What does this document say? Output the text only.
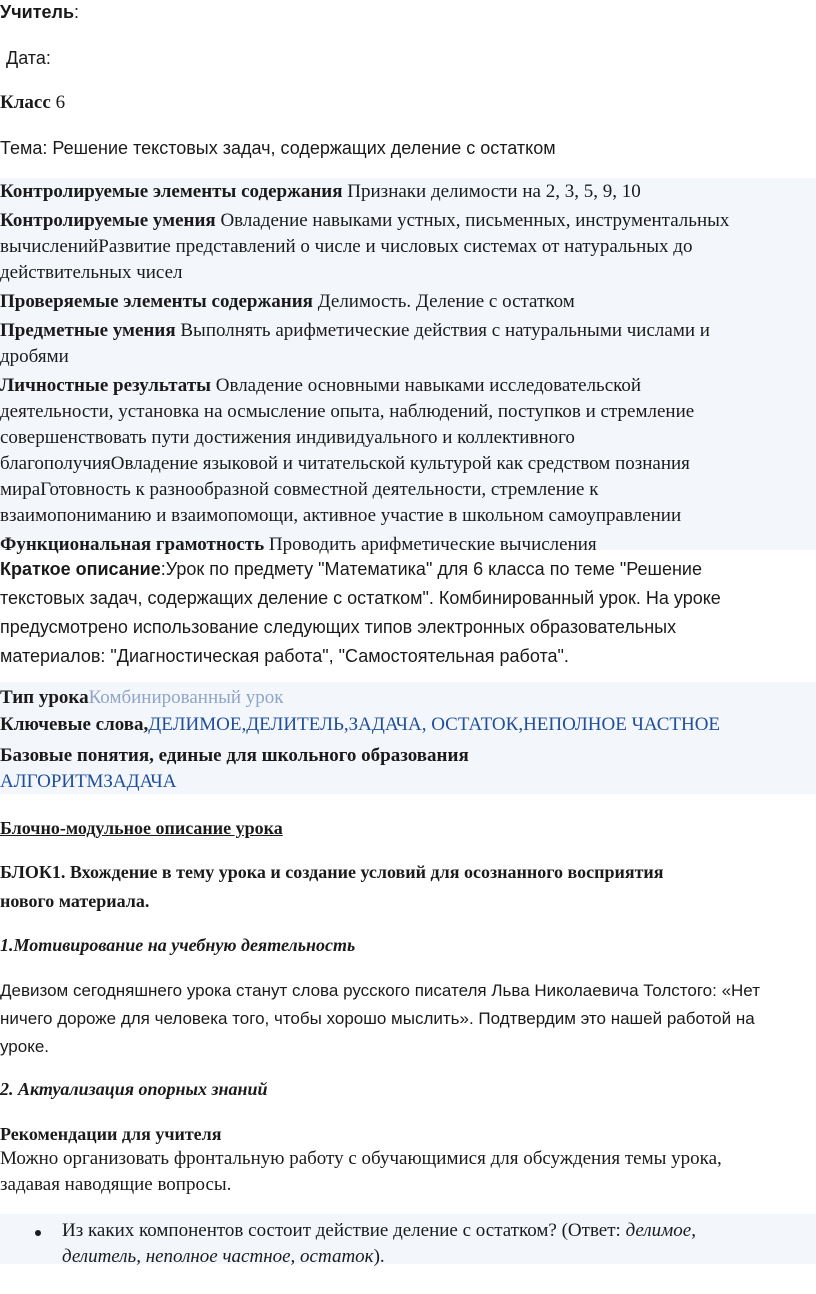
Учитель:
Дата:
Класс 6
Тема: Решение текстовых задач, содержащих деление с остатком
Контролируемые элементы содержания Признаки делимости на 2, 3, 5, 9, 10
Контролируемые умения Овладение навыками устных, письменных, инструментальных
вычисленийРазвитие представлений о числе и числовых системах от натуральных до
действительных чисел
Проверяемые элементы содержания Делимость. Деление с остатком
Предметные умения Выполнять арифметические действия с натуральными числами и
дробями
Личностные результаты Овладение основными навыками исследовательской
деятельности, установка на осмысление опыта, наблюдений, поступков и стремление
совершенствовать пути достижения индивидуального и коллективного
благополучияОвладение языковой и читательской культурой как средством познания
мираГотовность к разнообразной совместной деятельности, стремление к
взаимопониманию и взаимопомощи, активное участие в школьном самоуправлении
Функциональная грамотность Проводить арифметические вычисления
Краткое описание:Урок по предмету "Математика" для 6 класса по теме "Решение
текстовых задач, содержащих деление с остатком". Комбинированный урок. На уроке
предусмотрено использование следующих типов электронных образовательных
материалов: "Диагностическая работа", "Самостоятельная работа".
Тип урокаКомбинированный урок
Ключевые слова,ДЕЛИМОЕ,ДЕЛИТЕЛЬ,ЗАДАЧА, ОСТАТОК,НЕПОЛНОЕ ЧАСТНОЕ
Базовые понятия, единые для школьного образования
АЛГОРИТМЗАДАЧА
Блочно-модульное описание урока
БЛОК1. Вхождение в тему урока и создание условий для осознанного восприятия
нового материала.
1.Мотивирование на учебную деятельность
Девизом сегодняшнего урока станут слова русского писателя Льва Николаевича Толстого: «Нет
ничего дороже для человека того, чтобы хорошо мыслить». Подтвердим это нашей работой на
уроке.
2. Актуализация опорных знаний
Рекомендации для учителя
Можно организовать фронтальную работу с обучающимися для обсуждения темы урока,
задавая наводящие вопросы.
Из каких компонентов состоит действие деление с остатком? (Ответ: делимое,
делитель, неполное частное, остаток).
